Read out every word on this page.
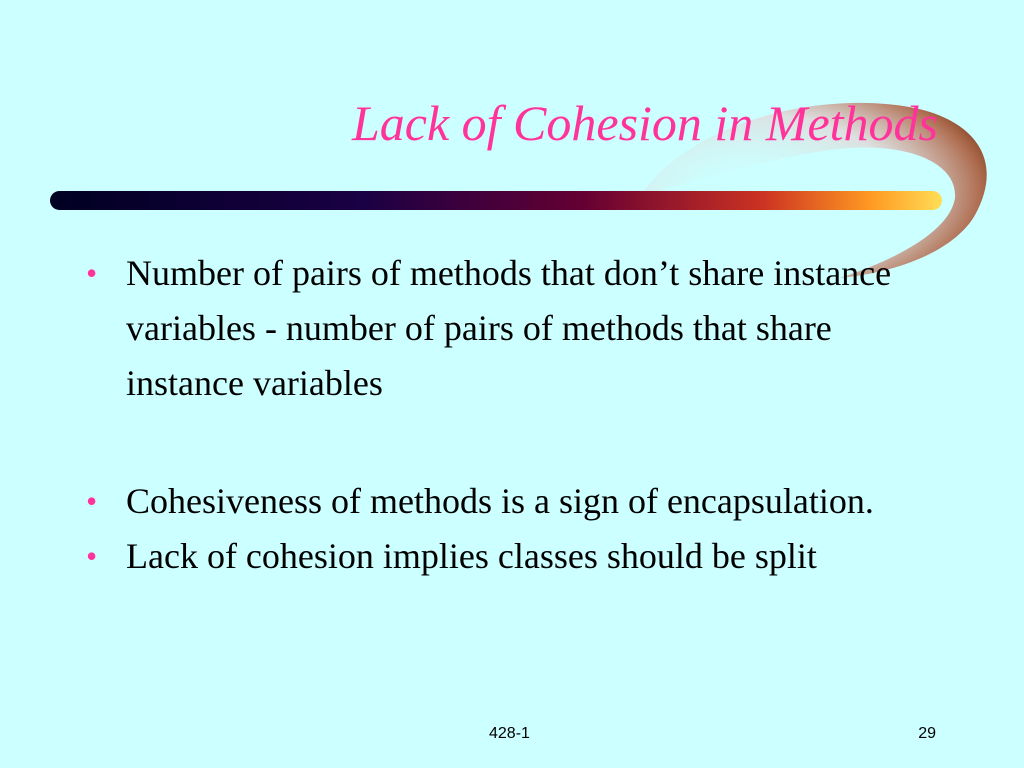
Lack of Cohesion in Methods
• Number of pairs of methods that don’t share instance variables - number of pairs of methods that share instance variables
• Cohesiveness of methods is a sign of encapsulation.
• Lack of cohesion implies classes should be split
428-1	29
